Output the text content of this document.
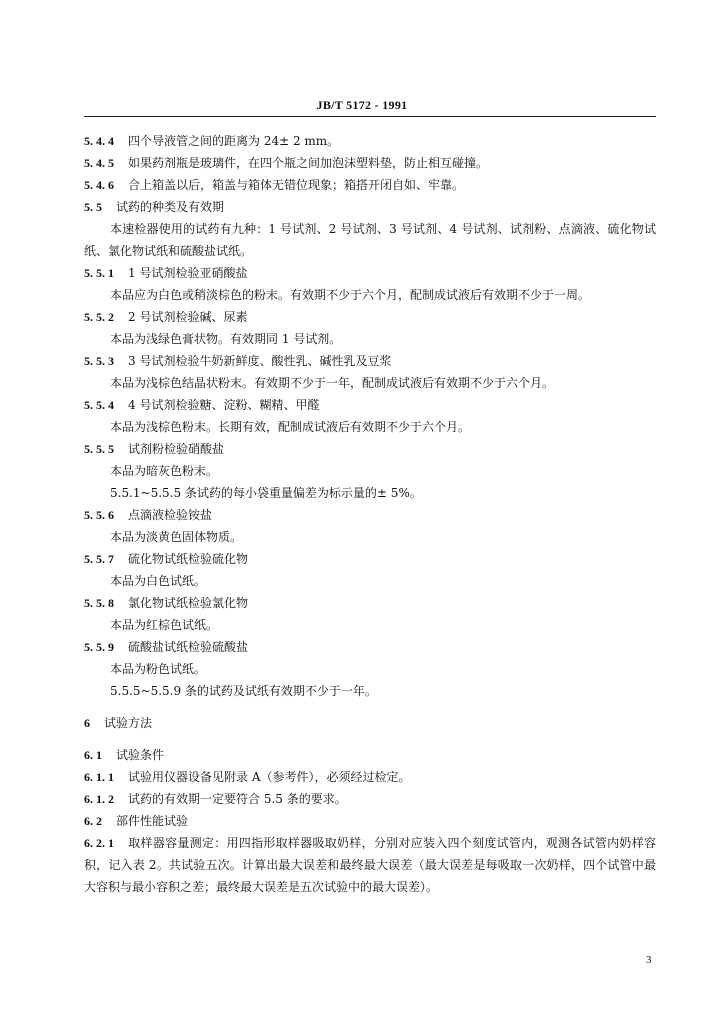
JB/T 5172 - 1991
5. 4. 4 四个导液管之间的距离为 24± 2 mm。
5. 4. 5 如果药剂瓶是玻璃件，在四个瓶之间加泡沫塑料垫，防止相互碰撞。
5. 4. 6 合上箱盖以后，箱盖与箱体无错位现象；箱搭开闭自如、牢靠。
5. 5 试药的种类及有效期
本速检器使用的试药有九种：1 号试剂、2 号试剂、3 号试剂、4 号试剂、试剂粉、点滴液、硫化物试纸、氯化物试纸和硫酸盐试纸。
5. 5. 1 1 号试剂检验亚硝酸盐
本品应为白色或稍淡棕色的粉末。有效期不少于六个月，配制成试液后有效期不少于一周。
5. 5. 2 2 号试剂检验碱、尿素
本品为浅绿色膏状物。有效期同 1 号试剂。
5. 5. 3 3 号试剂检验牛奶新鲜度、酸性乳、碱性乳及豆浆
本品为浅棕色结晶状粉末。有效期不少于一年，配制成试液后有效期不少于六个月。
5. 5. 4 4 号试剂检验糖、淀粉、糊精、甲醛
本品为浅棕色粉末。长期有效，配制成试液后有效期不少于六个月。
5. 5. 5 试剂粉检验硝酸盐
本品为暗灰色粉末。
5.5.1~5.5.5 条试药的每小袋重量偏差为标示量的± 5%。
5. 5. 6 点滴液检验铵盐
本品为淡黄色固体物质。
5. 5. 7 硫化物试纸检验硫化物
本品为白色试纸。
5. 5. 8 氯化物试纸检验氯化物
本品为红棕色试纸。
5. 5. 9 硫酸盐试纸检验硫酸盐
本品为粉色试纸。
5.5.5~5.5.9 条的试药及试纸有效期不少于一年。
6 试验方法
6. 1 试验条件
6. 1. 1 试验用仪器设备见附录 A（参考件），必须经过检定。
6. 1. 2 试药的有效期一定要符合 5.5 条的要求。
6. 2 部件性能试验
6. 2. 1 取样器容量测定：用四指形取样器吸取奶样，分别对应装入四个刻度试管内，观测各试管内奶样容积，记入表 2。共试验五次。计算出最大误差和最终最大误差（最大误差是每吸取一次奶样，四个试管中最大容积与最小容积之差；最终最大误差是五次试验中的最大误差）。
3
